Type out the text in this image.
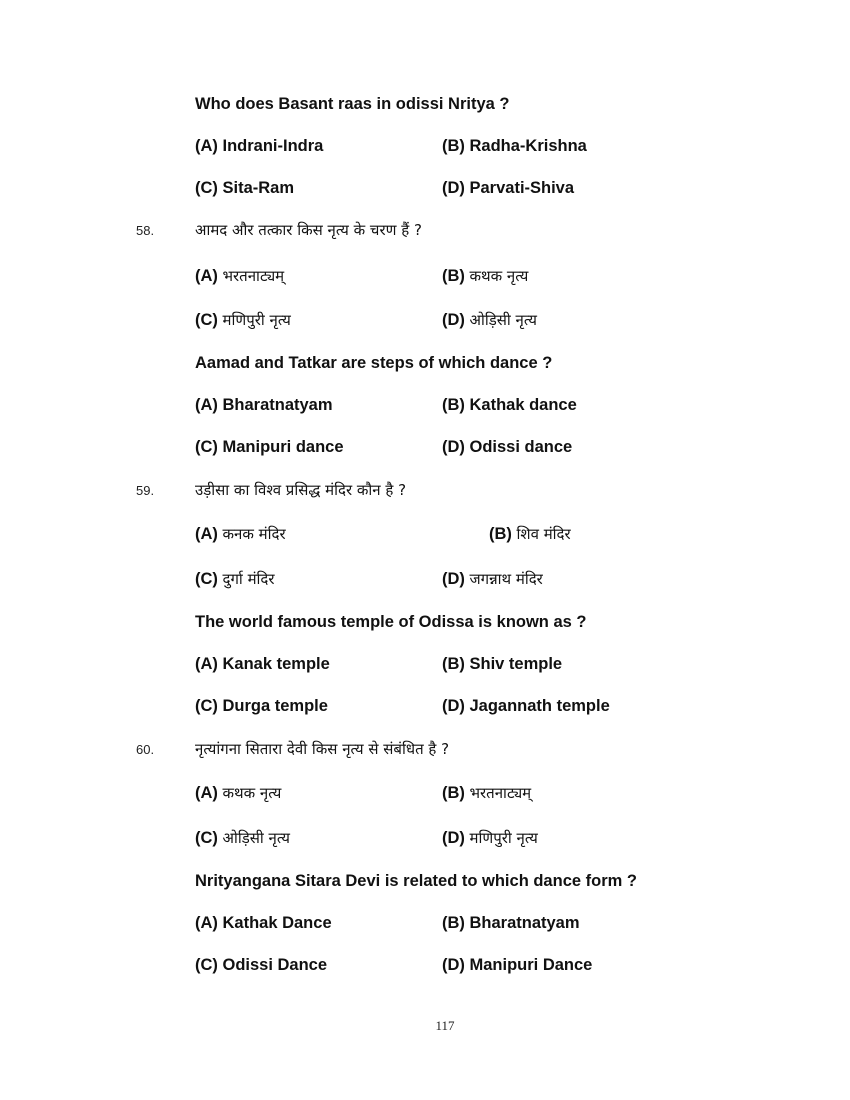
Who does Basant raas in odissi Nritya ?
(A) Indrani-Indra	(B) Radha-Krishna
(C) Sita-Ram	(D) Parvati-Shiva
58.	आमद और तत्कार किस नृत्य के चरण हैं ?
(A) भरतनाट्यम्	(B) कथक नृत्य
(C) मणिपुरी नृत्य	(D) ओड़िसी नृत्य
Aamad and Tatkar are steps of which dance ?
(A) Bharatnatyam	(B) Kathak dance
(C) Manipuri dance	(D) Odissi dance
59.	उड़ीसा का विश्व प्रसिद्ध मंदिर कौन है ?
(A) कनक मंदिर	(B) शिव मंदिर
(C) दुर्गा मंदिर	(D) जगन्नाथ मंदिर
The world famous temple of Odissa is known as ?
(A) Kanak temple	(B) Shiv temple
(C) Durga temple	(D) Jagannath temple
60.	नृत्यांगना सितारा देवी किस नृत्य से संबंधित है ?
(A) कथक नृत्य	(B) भरतनाट्यम्
(C) ओड़िसी नृत्य	(D) मणिपुरी नृत्य
Nrityangana Sitara Devi is related to which dance form ?
(A) Kathak Dance	(B) Bharatnatyam
(C) Odissi Dance	(D) Manipuri Dance
117
